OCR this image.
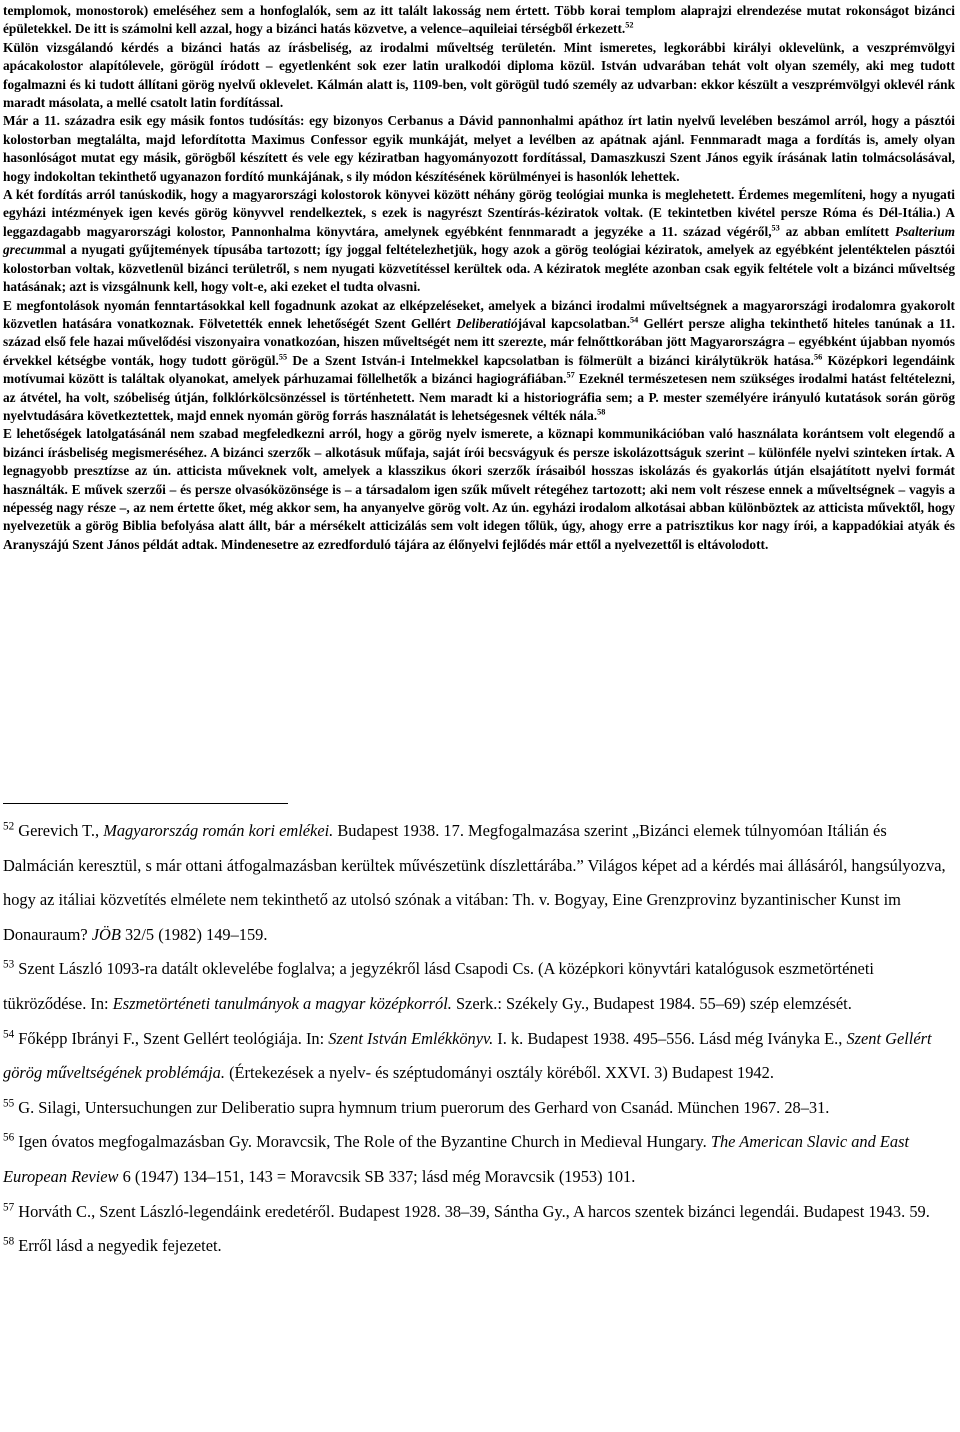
templomok, monostorok) emeléséhez sem a honfoglalók, sem az itt talált lakosság nem értett. Több korai templom alaprajzi elrendezése mutat rokonságot bizánci épületekkel. De itt is számolni kell azzal, hogy a bizánci hatás közvetve, a velence–aquileiai térségből érkezett.$^{52}$
Külön vizsgálandó kérdés a bizánci hatás az írásbeliség, az irodalmi műveltség területén. Mint ismeretes, legkorábbi királyi oklevelünk, a veszprémvölgyi apácakolostor alapítólevele, görögül íródott – egyetlenként sok ezer latin uralkodói diploma közül. István udvarában tehát volt olyan személy, aki meg tudott fogalmazni és ki tudott állítani görög nyelvű oklevelet. Kálmán alatt is, 1109-ben, volt görögül tudó személy az udvarban: ekkor készült a veszprémvölgyi oklevél ránk maradt másolata, a mellé csatolt latin fordítással.

Már a 11. századra esik egy másik fontos tudósítás: egy bizonyos Cerbanus a Dávid pannonhalmi apáthoz írt latin nyelvű levelében beszámol arról, hogy a pásztói kolostorban megtalálta, majd lefordította Maximus Confessor egyik munkáját, melyet a levélben az apátnak ajánl. Fennmaradt maga a fordítás is, amely olyan hasonlóságot mutat egy másik, görögből készített és vele egy kéziratban hagyományozott fordítással, Damaszkuszi Szent János egyik írásának latin tolmácsolásával, hogy indokoltan tekinthető ugyanazon fordító munkájának, s ily módon készítésének körülményei is hasonlók lehettek.

A két fordítás arról tanúskodik, hogy a magyarországi kolostorok könyvei között néhány görög teológiai munka is meglehetett. Érdemes megemlíteni, hogy a nyugati egyházi intézmények igen kevés görög könyvvel rendelkeztek, s ezek is nagyrészt Szentírás-kéziratok voltak. (E tekintetben kivétel persze Róma és Dél-Itália.) A leggazdagabb magyarországi kolostor, Pannonhalma könyvtára, amelynek egyébként fennmaradt a jegyzéke a 11. század végéről,$^{53}$ az abban említett Psalterium grecummal a nyugati gyűjtemények típusába tartozott; így joggal feltételezhetjük, hogy azok a görög teológiai kéziratok, amelyek az egyébként jelentéktelen pásztói kolostorban voltak, közvetlenül bizánci területről, s nem nyugati közvetítéssel kerültek oda. A kéziratok megléte azonban csak egyik feltétele volt a bizánci műveltség hatásának; azt is vizsgálnunk kell, hogy volt-e, aki ezeket el tudta olvasni.

E megfontolások nyomán fenntartásokkal kell fogadnunk azokat az elképzeléseket, amelyek a bizánci irodalmi műveltségnek a magyarországi irodalomra gyakorolt közvetlen hatására vonatkoznak. Fölvetették ennek lehetőségét Szent Gellért Deliberatiójával kapcsolatban.$^{54}$ Gellért persze aligha tekinthető hiteles tanúnak a 11. század első fele hazai művelődési viszonyaira vonatkozóan, hiszen műveltségét nem itt szerezte, már felnőttkorában jött Magyarországra – egyébként újabban nyomós érvekkel kétségbe vonták, hogy tudott görögül.$^{55}$ De a Szent István-i Intelmekkel kapcsolatban is fölmerült a bizánci királytükrök hatása.$^{56}$ Középkori legendáink motívumai között is találtak olyanokat, amelyek párhuzamai föllelhetők a bizánci hagiográfiában.$^{57}$ Ezeknél természetesen nem szükséges irodalmi hatást feltételezni, az átvétel, ha volt, szóbeliség útján, folklórkölcsönzéssel is történhetett. Nem maradt ki a historiográfia sem; a P. mester személyére irányuló kutatások során görög nyelvtudására következtettek, majd ennek nyomán görög forrás használatát is lehetségesnek vélték nála.$^{58}$

E lehetőségek latolgatásánál nem szabad megfeledkezni arról, hogy a görög nyelv ismerete, a köznapi kommunikációban való használata korántsem volt elegendő a bizánci írásbeliség megismeréséhez. A bizánci szerzők – alkotásuk műfaja, saját írói becsvágyuk és persze iskolázottságuk szerint – különféle nyelvi szinteken írtak. A legnagyobb presztízse az ún. atticista műveknek volt, amelyek a klasszikus ókori szerzők írásaiból hosszas iskolázás és gyakorlás útján elsajátított nyelvi formát használták. E művek szerzői – és persze olvasóközönsége is – a társadalom igen szűk művelt rétegéhez tartozott; aki nem volt részese ennek a műveltségnek – vagyis a népesség nagy része –, az nem értette őket, még akkor sem, ha anyanyelve görög volt. Az ún. egyházi irodalom alkotásai abban különböztek az atticista művektől, hogy nyelvezetük a görög Biblia befolyása alatt állt, bár a mérsékelt atticizálás sem volt idegen tőlük, úgy, ahogy erre a patrisztikus kor nagy írói, a kappadókiai atyák és Aranyszájú Szent János példát adtak. Mindenesetre az ezredforduló tájára az élőnyelvi fejlődés már ettől a nyelvezettől is eltávolodott.

$^{52}$ Gerevich T., Magyarország román kori emlékei. Budapest 1938. 17. Megfogalmazása szerint „Bizánci elemek túlnyomóan Itálián és Dalmácián keresztül, s már ottani átfogalmazásban kerültek művészetünk díszlettárába.” Világos képet ad a kérdés mai állásáról, hangsúlyozva, hogy az itáliai közvetítés elmélete nem tekinthető az utolsó szónak a vitában: Th. v. Bogyay, Eine Grenzprovinz byzantinischer Kunst im Donauraum? JÖB 32/5 (1982) 149–159.

$^{53}$ Szent László 1093-ra datált oklevelébe foglalva; a jegyzékről lásd Csapodi Cs. (A középkori könyvtári katalógusok eszmetörténeti tükröződése. In: Eszmetörténeti tanulmányok a magyar középkorról. Szerk.: Székely Gy., Budapest 1984. 55–69) szép elemzését.

$^{54}$ Főképp Ibrányi F., Szent Gellért teológiája. In: Szent István Emlékkönyv. I. k. Budapest 1938. 495–556. Lásd még Iványka E., Szent Gellért görög műveltségének problémája. (Értekezések a nyelv- és széptudományi osztály köréből. XXVI. 3) Budapest 1942.

$^{55}$ G. Silagi, Untersuchungen zur Deliberatio supra hymnum trium puerorum des Gerhard von Csanád. München 1967. 28–31.

$^{56}$ Igen óvatos megfogalmazásban Gy. Moravcsik, The Role of the Byzantine Church in Medieval Hungary. The American Slavic and East European Review 6 (1947) 134–151, 143 = Moravcsik SB 337; lásd még Moravcsik (1953) 101.

$^{57}$ Horváth C., Szent László-legendáink eredetéről. Budapest 1928. 38–39, Sántha Gy., A harcos szentek bizánci legendái. Budapest 1943. 59.

$^{58}$ Erről lásd a negyedik fejezetet.
